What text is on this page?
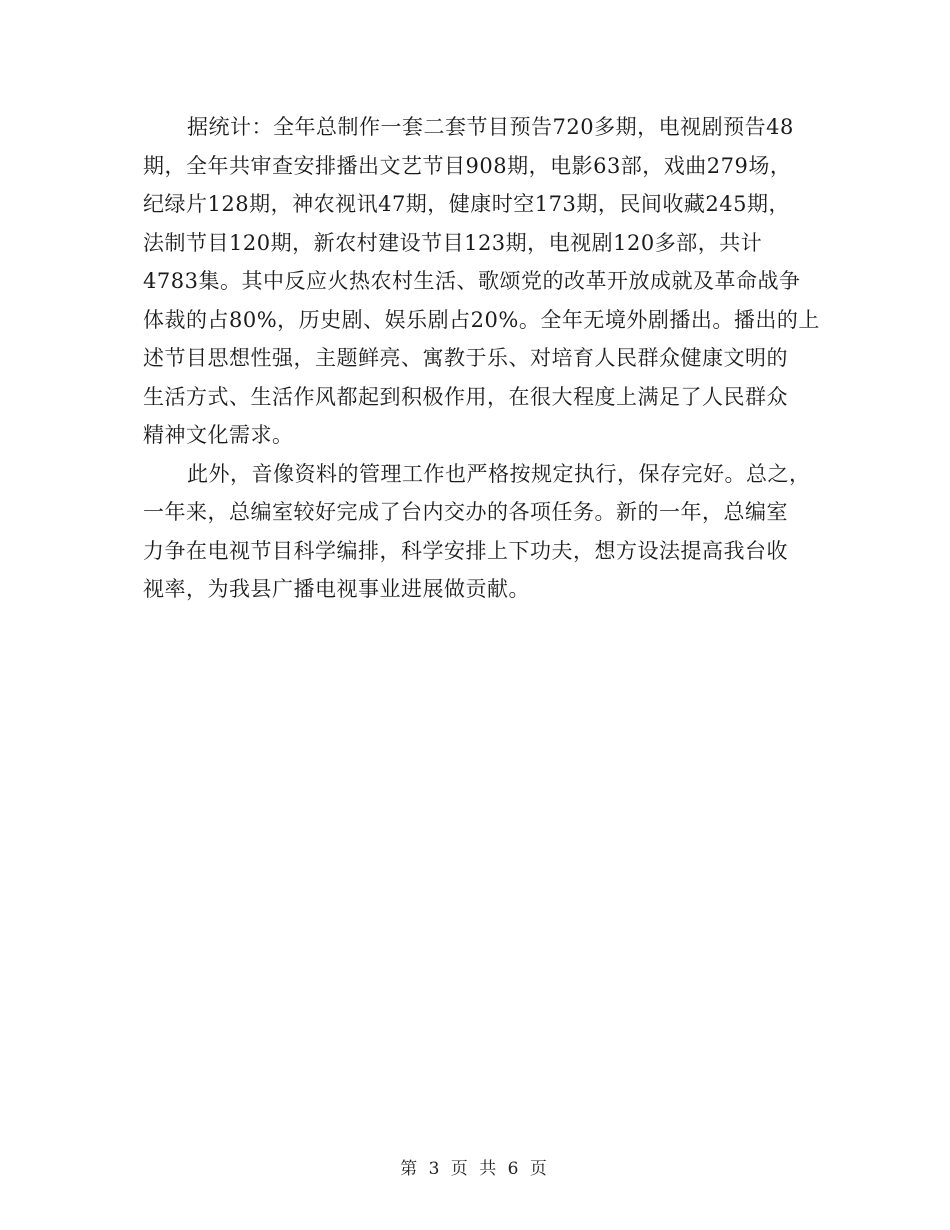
据统计：全年总制作一套二套节目预告720多期，电视剧预告48
期，全年共审查安排播出文艺节目908期，电影63部，戏曲279场，
纪绿片128期，神农视讯47期，健康时空173期，民间收藏245期，
法制节目120期，新农村建设节目123期，电视剧120多部，共计
4783集。其中反应火热农村生活、歌颂党的改革开放成就及革命战争
体裁的占80%，历史剧、娱乐剧占20%。全年无境外剧播出。播出的上
述节目思想性强，主题鲜亮、寓教于乐、对培育人民群众健康文明的
生活方式、生活作风都起到积极作用，在很大程度上满足了人民群众
精神文化需求。
此外，音像资料的管理工作也严格按规定执行，保存完好。总之，
一年来，总编室较好完成了台内交办的各项任务。新的一年，总编室
力争在电视节目科学编排，科学安排上下功夫，想方设法提高我台收
视率，为我县广播电视事业进展做贡献。
第 3 页 共 6 页
